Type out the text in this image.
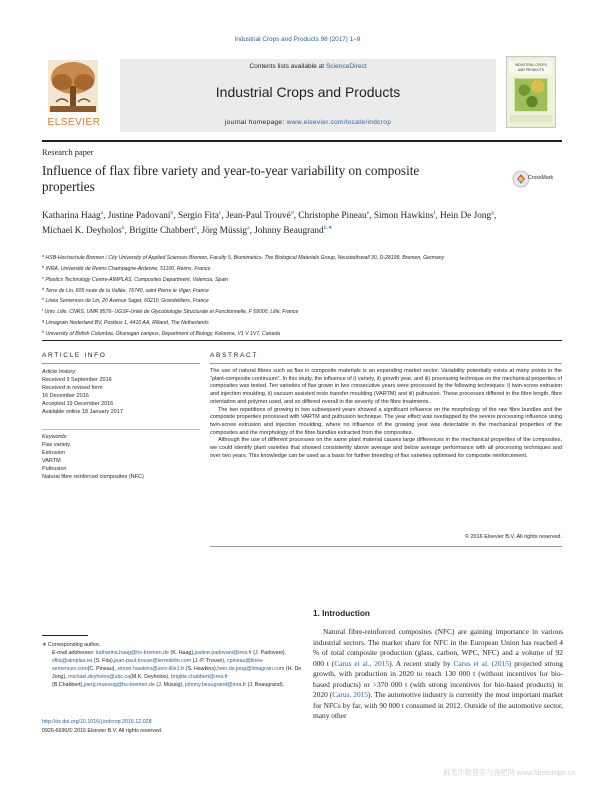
Industrial Crops and Products 98 (2017) 1–9
Contents lists available at ScienceDirect
Industrial Crops and Products
journal homepage: www.elsevier.com/locate/indcrop
ELSEVIER
INDUSTRIAL CROPS
AND PRODUCTS
Research paper
Influence of flax fibre variety and year-to-year variability on composite properties
CrossMark
Katharina Haag$^a$, Justine Padovani$^b$, Sergio Fita$^c$, Jean-Paul Trouvé$^d$, Christophe Pineau$^e$, Simon Hawkins$^f$, Hein De Jong$^g$, Michael K. Deyholos$^h$, Brigitte Chabbert$^b$, Jörg Müssig$^a$, Johnny Beaugrand$^{b,∗}$
$^a$ HSB-Hochschule Bremen / City University of Applied Sciences Bremen, Faculty 5, Biomimetics- The Biological Materials Group, Neustadtswall 30, D-28199, Bremen, Germany
$^b$ INRA, Université de Reims Champagne-Ardenne, 51100, Reims, France
$^c$ Plastics Technology Centre-AIMPLAS, Composites Department, Valencia, Spain
$^d$ Terre de Lin, 605 route de la Vallée, 76740, saint Pierre le Viger, France
$^e$ Linéa Semences de Lin, 20 Avenue Saget, 60210, Grandvilliers, France
$^f$ Univ. Lille, CNRS, UMR 8576- UGSF-Unité de Glycobiologie Structurale et Fonctionnelle, F 59000, Lille, France
$^g$ Limagrain Nederland BV, Postbus 1, 4410 AA, Rilland, The Netherlands
$^h$ University of British Columbia, Okanagan campus, Department of Biology, Kelowna, V1 V 1V7, Canada
ARTICLE INFO	ABSTRACT
Article history:
Received 9 September 2016
Received in revised form
16 December 2016
Accepted 19 December 2016
Available online 18 January 2017
Keywords:
Flax variety
Extrusion
VARTM
Pultrusion
Natural fibre reinforced composites (NFC)

The use of natural fibres such as flax in composite materials is an expanding market sector. Variability potentially exists at many points in the “plant-composite continuum”. In this study, the influence of i) variety, ii) growth year, and iii) processing technique on the mechanical properties of composites was tested. Ten varieties of flax grown in two consecutive years were processed by the following techniques: i) twin-screw extrusion and injection moulding, ii) vacuum assisted resin transfer moulding (VARTM) and iii) pultrusion. These processes differed in the fibre length, fibre orientation and polymer used, and so differed overall in the severity of the fibre treatments.

The two repetitions of growing in two subsequent years showed a significant influence on the morphology of the raw fibre bundles and the composite properties processed with VARTM and pultrusion technique. The year effect was overlapped by the severe processing influence using twin-screw extrusion and injection moulding, where no influence of the growing year was detectable in the mechanical properties of the composites and the morphology of the fibre bundles extracted from the composites.

Although the use of different processes on the same plant material causes large differences in the mechanical properties of the composites, we could identify plant varieties that showed consistently above average and below average performance with all processing techniques and over two years. This knowledge can be used as a basis for further breeding of flax varieties optimised for composite reinforcement.

© 2016 Elsevier B.V. All rights reserved.
1. Introduction
Natural fibre-reinforced composites (NFC) are gaining importance in various industrial sectors. The market share for NFC in the European Union has reached 4 % of total composite production (glass, carbon, WPC, NFC) and a volume of 92 000 t (Carus et al., 2015). A recent study by Carus et al. (2015) projected strong growth, with production in 2020 to reach 130 000 t (without incentives for bio-based products) or >370 000 t (with strong incentives for bio-based products) in 2020 (Carus, 2015). The automotive industry is currently the most important market for NFCs by far, with 90 000 t consumed in 2012. Outside of the automotive sector, many other
∗ Corresponding author.
E-mail addresses: katharina.haag@hs-bremen.de (K. Haag),justine.padovani@inra.fr (J. Padovani), sfita@aimplas.es (S. Fita),jean-paul.trouve@terredelin.com (J.-P. Trouvé), cpineau@linea-semences.com(C. Pineau), simon.hawkins@univ-lille1.fr (S. Hawkins),hein.de.jong@limagrain.com (H. De Jong), michael.deyholos@ubc.ca(M.K. Deyholos), brigitte.chabbert@inra.fr (B.Chabbert),joerg.muessig@hs-bremen.de (J. Müssig), johnny.beaugrand@inra.fr (J. Beaugrand).
http://dx.doi.org/10.1016/j.indcrop.2016.12.028
0926-6690/© 2016 Elsevier B.V. All rights reserved.
麻类作物营养与施肥网 www.fibercrops.cn
